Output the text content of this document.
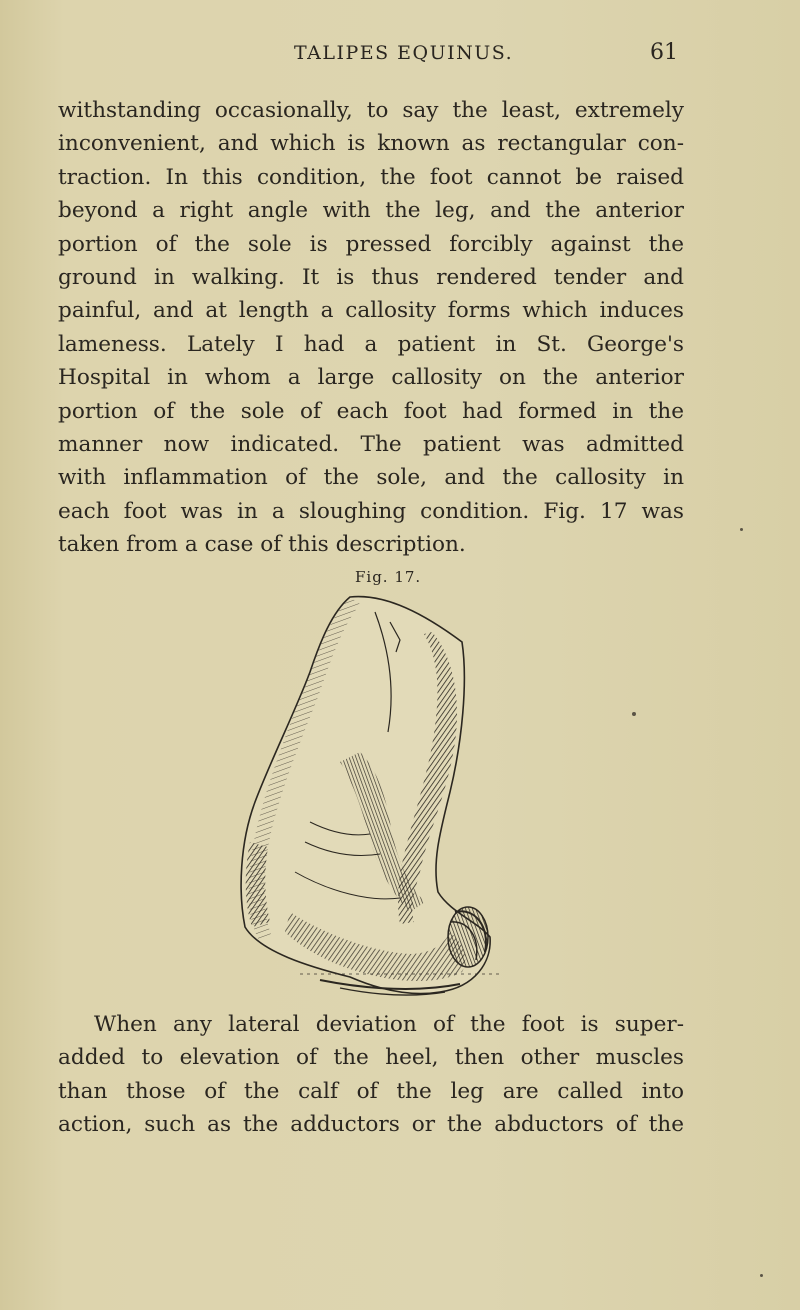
TALIPES EQUINUS.	61

withstanding occasionally, to say the least, extremely
inconvenient, and which is known as rectangular con-
traction. In this condition, the foot cannot be raised
beyond a right angle with the leg, and the anterior
portion of the sole is pressed forcibly against the
ground in walking. It is thus rendered tender and
painful, and at length a callosity forms which induces
lameness. Lately I had a patient in St. George's
Hospital in whom a large callosity on the anterior
portion of the sole of each foot had formed in the
manner now indicated. The patient was admitted
with inflammation of the sole, and the callosity in
each foot was in a sloughing condition. Fig. 17 was
taken from a case of this description.

Fig. 17.

When any lateral deviation of the foot is super-
added to elevation of the heel, then other muscles
than those of the calf of the leg are called into
action, such as the adductors or the abductors of the
